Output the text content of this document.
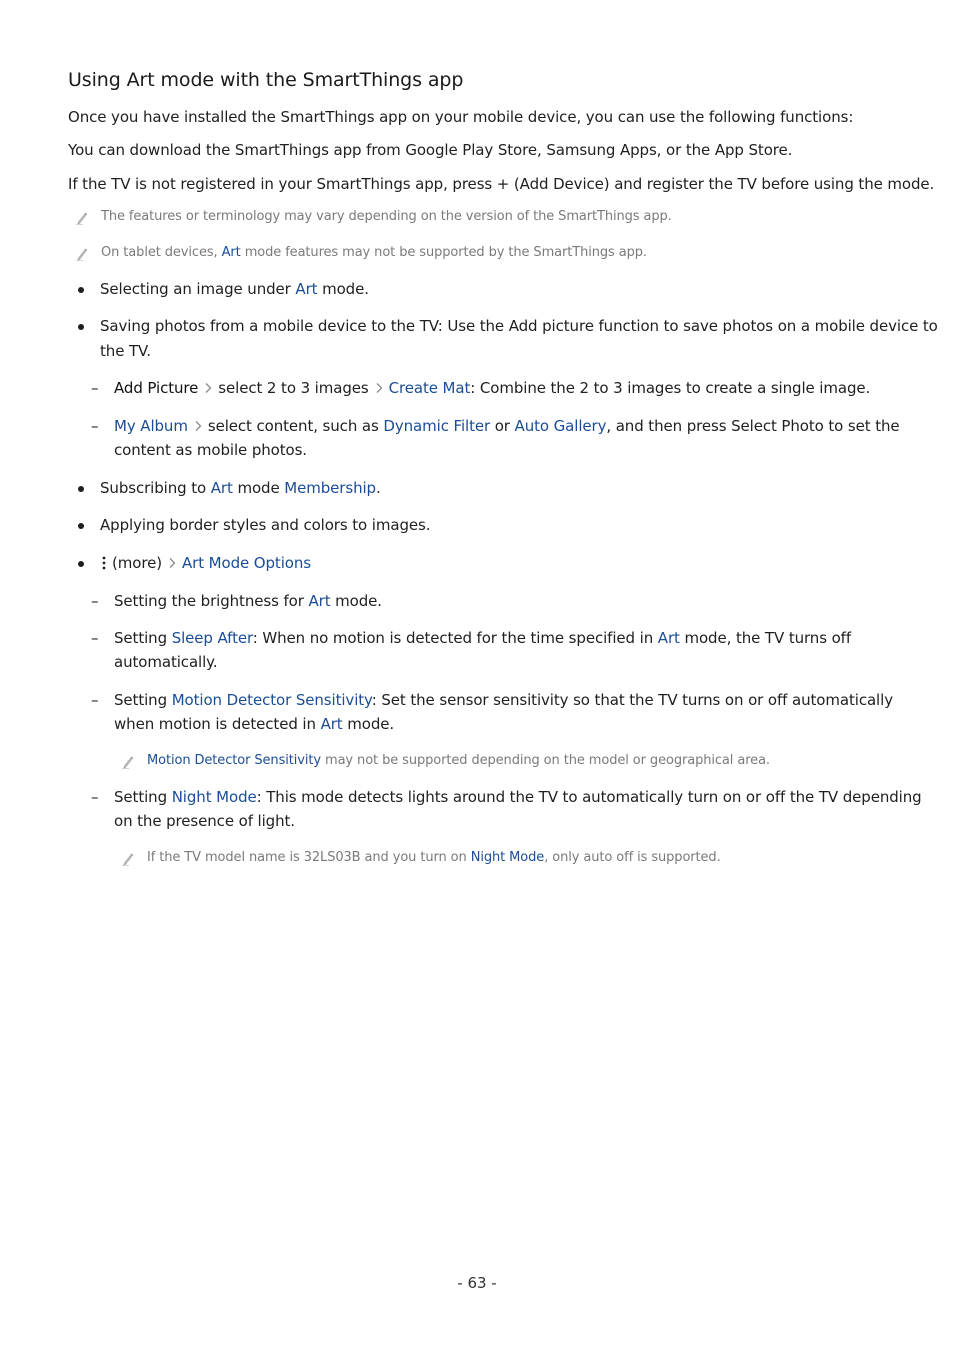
Using Art mode with the SmartThings app
Once you have installed the SmartThings app on your mobile device, you can use the following functions:
You can download the SmartThings app from Google Play Store, Samsung Apps, or the App Store.
If the TV is not registered in your SmartThings app, press + (Add Device) and register the TV before using the mode.
The features or terminology may vary depending on the version of the SmartThings app.
On tablet devices, Art mode features may not be supported by the SmartThings app.
Selecting an image under Art mode.
Saving photos from a mobile device to the TV: Use the Add picture function to save photos on a mobile device to
the TV.
– Add Picture select 2 to 3 images Create Mat: Combine the 2 to 3 images to create a single image.
– My Album select content, such as Dynamic Filter or Auto Gallery, and then press Select Photo to set the
content as mobile photos.
Subscribing to Art mode Membership.
Applying border styles and colors to images.
(more) Art Mode Options
– Setting the brightness for Art mode.
– Setting Sleep After: When no motion is detected for the time specified in Art mode, the TV turns off
automatically.
– Setting Motion Detector Sensitivity: Set the sensor sensitivity so that the TV turns on or off automatically
when motion is detected in Art mode.
Motion Detector Sensitivity may not be supported depending on the model or geographical area.
– Setting Night Mode: This mode detects lights around the TV to automatically turn on or off the TV depending
on the presence of light.
If the TV model name is 32LS03B and you turn on Night Mode, only auto off is supported.
- 63 -
